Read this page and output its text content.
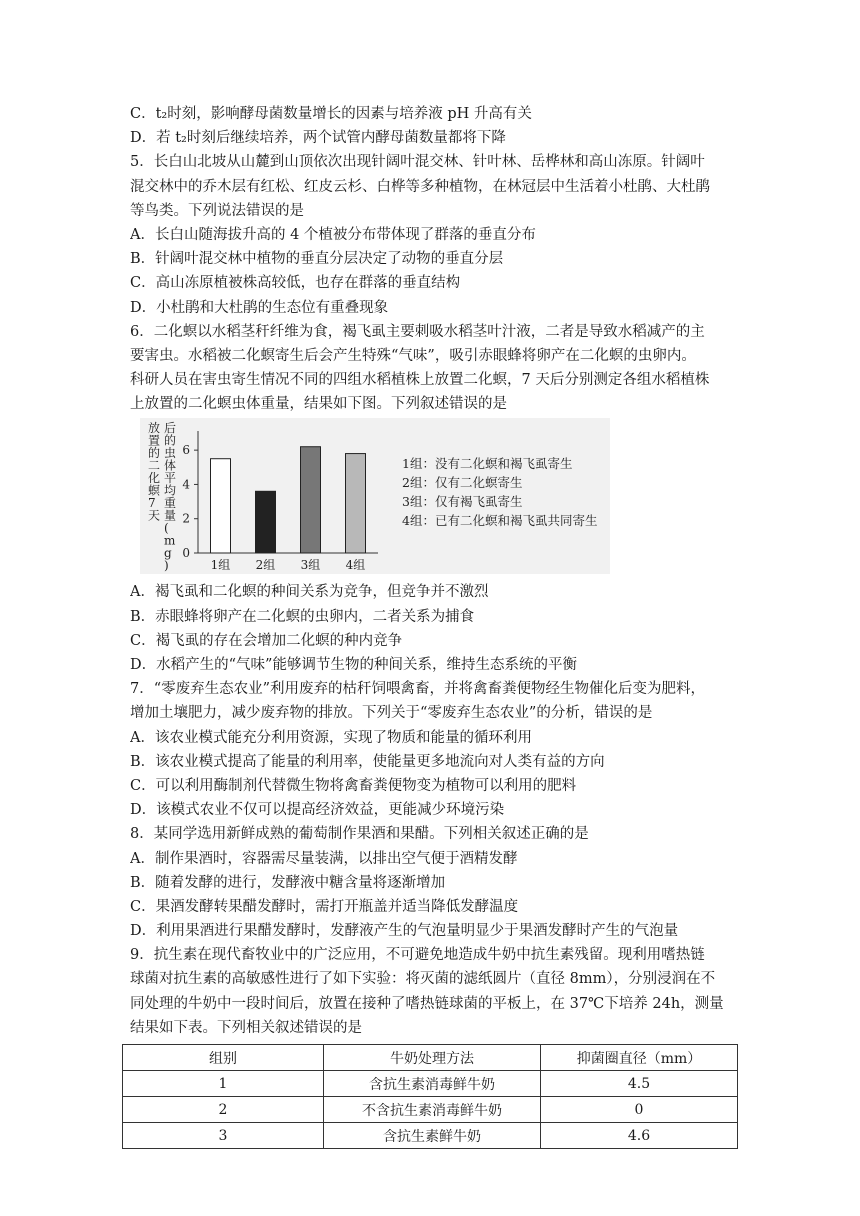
C．t₂时刻，影响酵母菌数量增长的因素与培养液 pH 升高有关
D．若 t₂时刻后继续培养，两个试管内酵母菌数量都将下降
5．长白山北坡从山麓到山顶依次出现针阔叶混交林、针叶林、岳桦林和高山冻原。针阔叶
混交林中的乔木层有红松、红皮云杉、白桦等多种植物，在林冠层中生活着小杜鹃、大杜鹃
等鸟类。下列说法错误的是
A．长白山随海拔升高的 4 个植被分布带体现了群落的垂直分布
B．针阔叶混交林中植物的垂直分层决定了动物的垂直分层
C．高山冻原植被株高较低，也存在群落的垂直结构
D．小杜鹃和大杜鹃的生态位有重叠现象
6．二化螟以水稻茎秆纤维为食，褐飞虱主要刺吸水稻茎叶汁液，二者是导致水稻减产的主
要害虫。水稻被二化螟寄生后会产生特殊“气味”，吸引赤眼蜂将卵产在二化螟的虫卵内。
科研人员在害虫寄生情况不同的四组水稻植株上放置二化螟，7 天后分别测定各组水稻植株
上放置的二化螟虫体重量，结果如下图。下列叙述错误的是
放置的二化螟 7 天后的虫体平均重量( m g )
0
2
4
6
1组 2组 3组 4组
1组：没有二化螟和褐飞虱寄生
2组：仅有二化螟寄生
3组：仅有褐飞虱寄生
4组：已有二化螟和褐飞虱共同寄生
A．褐飞虱和二化螟的种间关系为竞争，但竞争并不激烈
B．赤眼蜂将卵产在二化螟的虫卵内，二者关系为捕食
C．褐飞虱的存在会增加二化螟的种内竞争
D．水稻产生的“气味”能够调节生物的种间关系，维持生态系统的平衡
7．“零废弃生态农业”利用废弃的枯秆饲喂禽畜，并将禽畜粪便物经生物催化后变为肥料，
增加土壤肥力，减少废弃物的排放。下列关于“零废弃生态农业”的分析，错误的是
A．该农业模式能充分利用资源，实现了物质和能量的循环利用
B．该农业模式提高了能量的利用率，使能量更多地流向对人类有益的方向
C．可以利用酶制剂代替微生物将禽畜粪便物变为植物可以利用的肥料
D．该模式农业不仅可以提高经济效益，更能减少环境污染
8．某同学选用新鲜成熟的葡萄制作果酒和果醋。下列相关叙述正确的是
A．制作果酒时，容器需尽量装满，以排出空气便于酒精发酵
B．随着发酵的进行，发酵液中糖含量将逐渐增加
C．果酒发酵转果醋发酵时，需打开瓶盖并适当降低发酵温度
D．利用果酒进行果醋发酵时，发酵液产生的气泡量明显少于果酒发酵时产生的气泡量
9．抗生素在现代畜牧业中的广泛应用，不可避免地造成牛奶中抗生素残留。现利用嗜热链
球菌对抗生素的高敏感性进行了如下实验：将灭菌的滤纸圆片（直径 8mm），分别浸润在不
同处理的牛奶中一段时间后，放置在接种了嗜热链球菌的平板上，在 37℃下培养 24h，测量
结果如下表。下列相关叙述错误的是
组别	牛奶处理方法	抑菌圈直径（mm）
1	含抗生素消毒鲜牛奶	4.5
2	不含抗生素消毒鲜牛奶	0
3	含抗生素鲜牛奶	4.6
